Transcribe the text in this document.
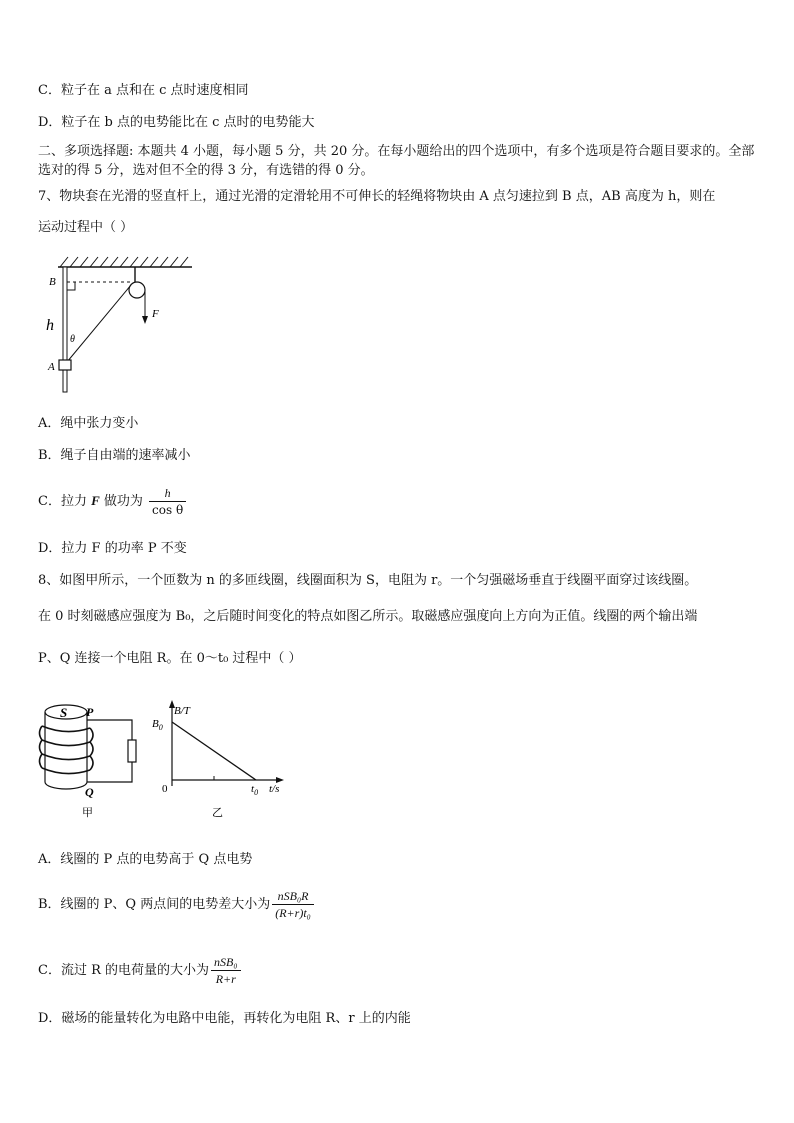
C．粒子在 a 点和在 c 点时速度相同
D．粒子在 b 点的电势能比在 c 点时的电势能大
二、多项选择题: 本题共 4 小题，每小题 5 分，共 20 分。在每小题给出的四个选项中，有多个选项是符合题目要求的。全部选对的得 5 分，选对但不全的得 3 分，有选错的得 0 分。
7、物块套在光滑的竖直杆上，通过光滑的定滑轮用不可伸长的轻绳将物块由 A 点匀速拉到 B 点，AB 高度为 h，则在
运动过程中（ ）
B
h
θ
A
F
A．绳中张力变小
B．绳子自由端的速率减小
C．拉力 F 做功为 $\frac{h}{\text{cos θ}}$
D．拉力 F 的功率 P 不变
8、如图甲所示，一个匝数为 n 的多匝线圈，线圈面积为 S，电阻为 r。一个匀强磁场垂直于线圈平面穿过该线圈。
在 0 时刻磁感应强度为 B₀，之后随时间变化的特点如图乙所示。取磁感应强度向上方向为正值。线圈的两个输出端
P、Q 连接一个电阻 R。在 0～t₀ 过程中（ ）
S P
Q
甲
B/T
$B_0$
0	$t_0$ t/s
乙
A．线圈的 P 点的电势高于 Q 点电势
B．线圈的 P、Q 两点间的电势差大小为 $\frac{\text{nSB₀R}}{\text{(R+r)t₀}}$
C．流过 R 的电荷量的大小为 $\frac{\text{nSB₀}}{R+r}$
D．磁场的能量转化为电路中电能，再转化为电阻 R、r 上的内能
